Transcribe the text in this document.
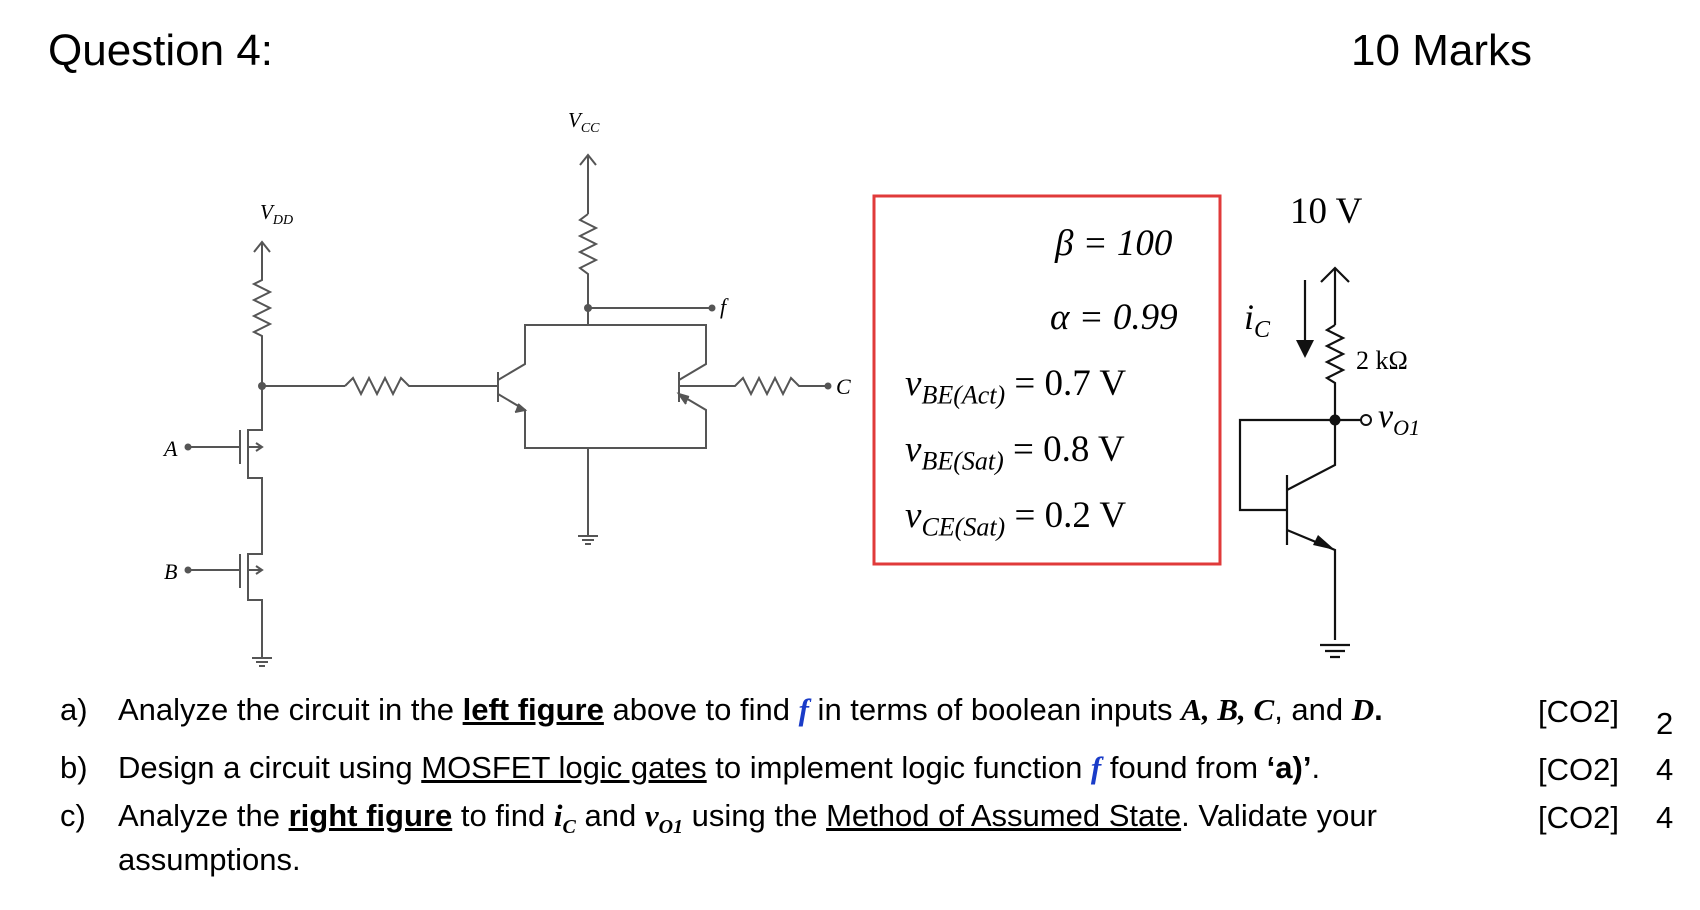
Question 4:	10 Marks
$V_{DD}$
$V_{CC}$
A
B
C
f
β = 100
α = 0.99
$v_{BE(Act)} = 0.7$ V
$v_{BE(Sat)} = 0.8$ V
$v_{CE(Sat)} = 0.2$ V
10 V
$i_C$
2 kΩ
$v_{O1}$
a) Analyze the circuit in the left figure above to find f in terms of boolean inputs A, B, C, and D.	[CO2] 2
b) Design a circuit using MOSFET logic gates to implement logic function f found from ‘a)’.	[CO2] 4
c) Analyze the right figure to find $i_C$ and $v_{O1}$ using the Method of Assumed State. Validate your
assumptions.
[CO2] 4
